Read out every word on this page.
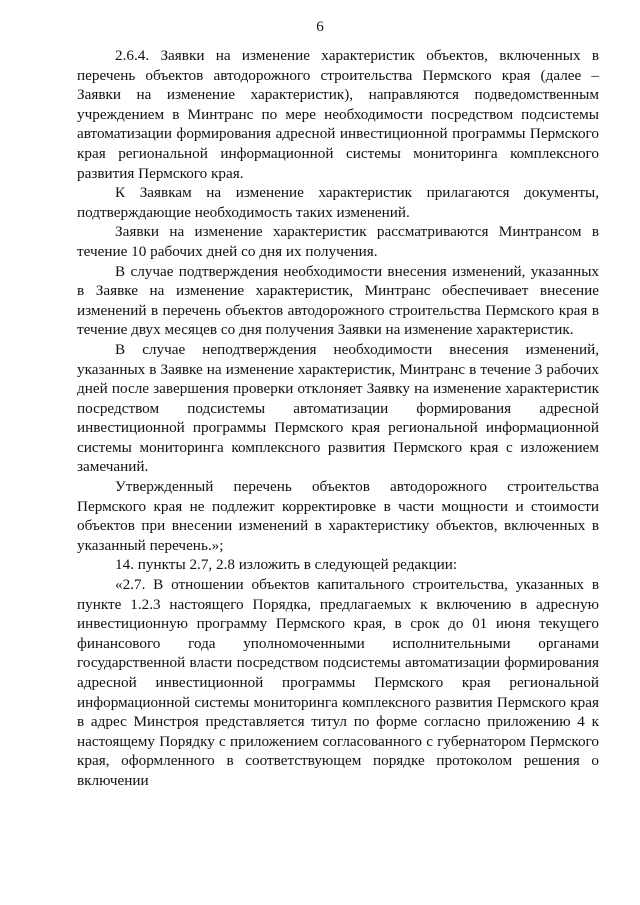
6

2.6.4. Заявки на изменение характеристик объектов, включенных в перечень объектов автодорожного строительства Пермского края (далее – Заявки на изменение характеристик), направляются подведомственным учреждением в Минтранс по мере необходимости посредством подсистемы автоматизации формирования адресной инвестиционной программы Пермского края региональной информационной системы мониторинга комплексного развития Пермского края.

К Заявкам на изменение характеристик прилагаются документы, подтверждающие необходимость таких изменений.

Заявки на изменение характеристик рассматриваются Минтрансом в течение 10 рабочих дней со дня их получения.

В случае подтверждения необходимости внесения изменений, указанных в Заявке на изменение характеристик, Минтранс обеспечивает внесение изменений в перечень объектов автодорожного строительства Пермского края в течение двух месяцев со дня получения Заявки на изменение характеристик.

В случае неподтверждения необходимости внесения изменений, указанных в Заявке на изменение характеристик, Минтранс в течение 3 рабочих дней после завершения проверки отклоняет Заявку на изменение характеристик посредством подсистемы автоматизации формирования адресной инвестиционной программы Пермского края региональной информационной системы мониторинга комплексного развития Пермского края с изложением замечаний.

Утвержденный перечень объектов автодорожного строительства Пермского края не подлежит корректировке в части мощности и стоимости объектов при внесении изменений в характеристику объектов, включенных в указанный перечень.»;

14. пункты 2.7, 2.8 изложить в следующей редакции:

«2.7. В отношении объектов капитального строительства, указанных в пункте 1.2.3 настоящего Порядка, предлагаемых к включению в адресную инвестиционную программу Пермского края, в срок до 01 июня текущего финансового года уполномоченными исполнительными органами государственной власти посредством подсистемы автоматизации формирования адресной инвестиционной программы Пермского края региональной информационной системы мониторинга комплексного развития Пермского края в адрес Минстроя представляется титул по форме согласно приложению 4 к настоящему Порядку с приложением согласованного с губернатором Пермского края, оформленного в соответствующем порядке протоколом решения о включении
